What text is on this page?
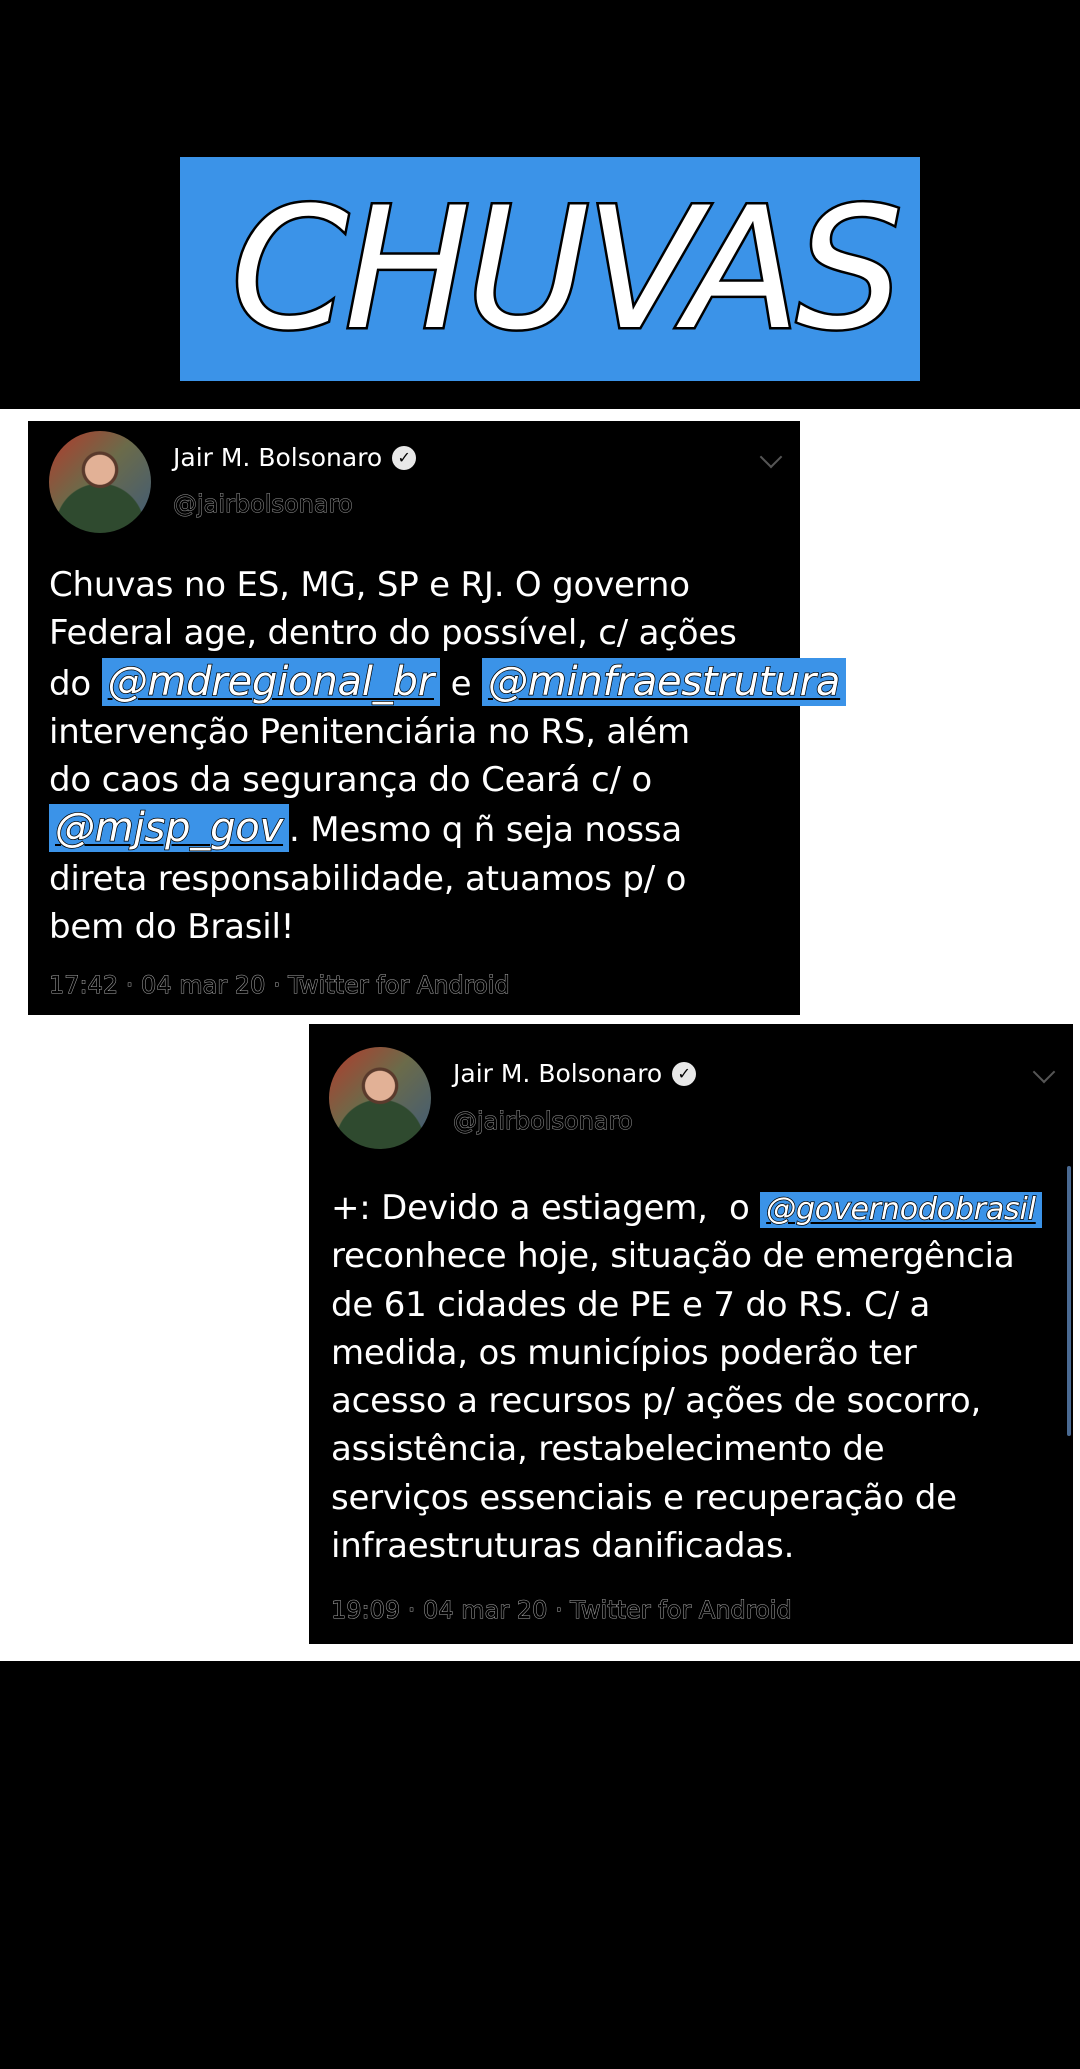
CHUVAS
Jair M. Bolsonaro ✓
@jairbolsonaro
Chuvas no ES, MG, SP e RJ. O governo
Federal age, dentro do possível, c/ ações
do @mdregional_br e @minfraestrutura
intervenção Penitenciária no RS, além
do caos da segurança do Ceará c/ o
@mjsp_gov . Mesmo q ñ seja nossa
direta responsabilidade, atuamos p/ o
bem do Brasil!
17:42 · 04 mar 20 · Twitter for Android
Jair M. Bolsonaro ✓
@jairbolsonaro
+: Devido a estiagem,  o @governodobrasil
reconhece hoje, situação de emergência
de 61 cidades de PE e 7 do RS. C/ a
medida, os municípios poderão ter
acesso a recursos p/ ações de socorro,
assistência, restabelecimento de
serviços essenciais e recuperação de
infraestruturas danificadas.
19:09 · 04 mar 20 · Twitter for Android
